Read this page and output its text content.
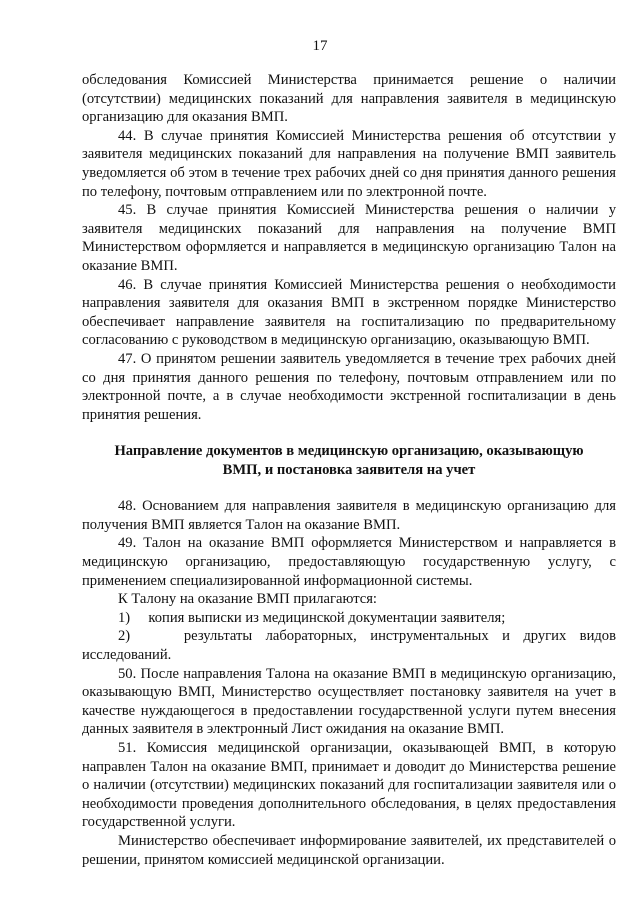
17

обследования Комиссией Министерства принимается решение о наличии (отсутствии) медицинских показаний для направления заявителя в медицинскую организацию для оказания ВМП.

44. В случае принятия Комиссией Министерства решения об отсутствии у заявителя медицинских показаний для направления на получение ВМП заявитель уведомляется об этом в течение трех рабочих дней со дня принятия данного решения по телефону, почтовым отправлением или по электронной почте.

45. В случае принятия Комиссией Министерства решения о наличии у заявителя медицинских показаний для направления на получение ВМП Министерством оформляется и направляется в медицинскую организацию Талон на оказание ВМП.

46. В случае принятия Комиссией Министерства решения о необходимости направления заявителя для оказания ВМП в экстренном порядке Министерство обеспечивает направление заявителя на госпитализацию по предварительному согласованию с руководством в медицинскую организацию, оказывающую ВМП.

47. О принятом решении заявитель уведомляется в течение трех рабочих дней со дня принятия данного решения по телефону, почтовым отправлением или по электронной почте, а в случае необходимости экстренной госпитализации в день принятия решения.

Направление документов в медицинскую организацию, оказывающую
ВМП, и постановка заявителя на учет

48. Основанием для направления заявителя в медицинскую организацию для получения ВМП является Талон на оказание ВМП.

49. Талон на оказание ВМП оформляется Министерством и направляется в медицинскую организацию, предоставляющую государственную услугу, с применением специализированной информационной системы.

К Талону на оказание ВМП прилагаются:

1)     копия выписки из медицинской документации заявителя;

2)    результаты лабораторных, инструментальных и других видов исследований.

50. После направления Талона на оказание ВМП в медицинскую организацию, оказывающую ВМП, Министерство осуществляет постановку заявителя на учет в качестве нуждающегося в предоставлении государственной услуги путем внесения данных заявителя в электронный Лист ожидания на оказание ВМП.

51. Комиссия медицинской организации, оказывающей ВМП, в которую направлен Талон на оказание ВМП, принимает и доводит до Министерства решение о наличии (отсутствии) медицинских показаний для госпитализации заявителя или о необходимости проведения дополнительного обследования, в целях предоставления государственной услуги.

Министерство обеспечивает информирование заявителей, их представителей о решении, принятом комиссией медицинской организации.
